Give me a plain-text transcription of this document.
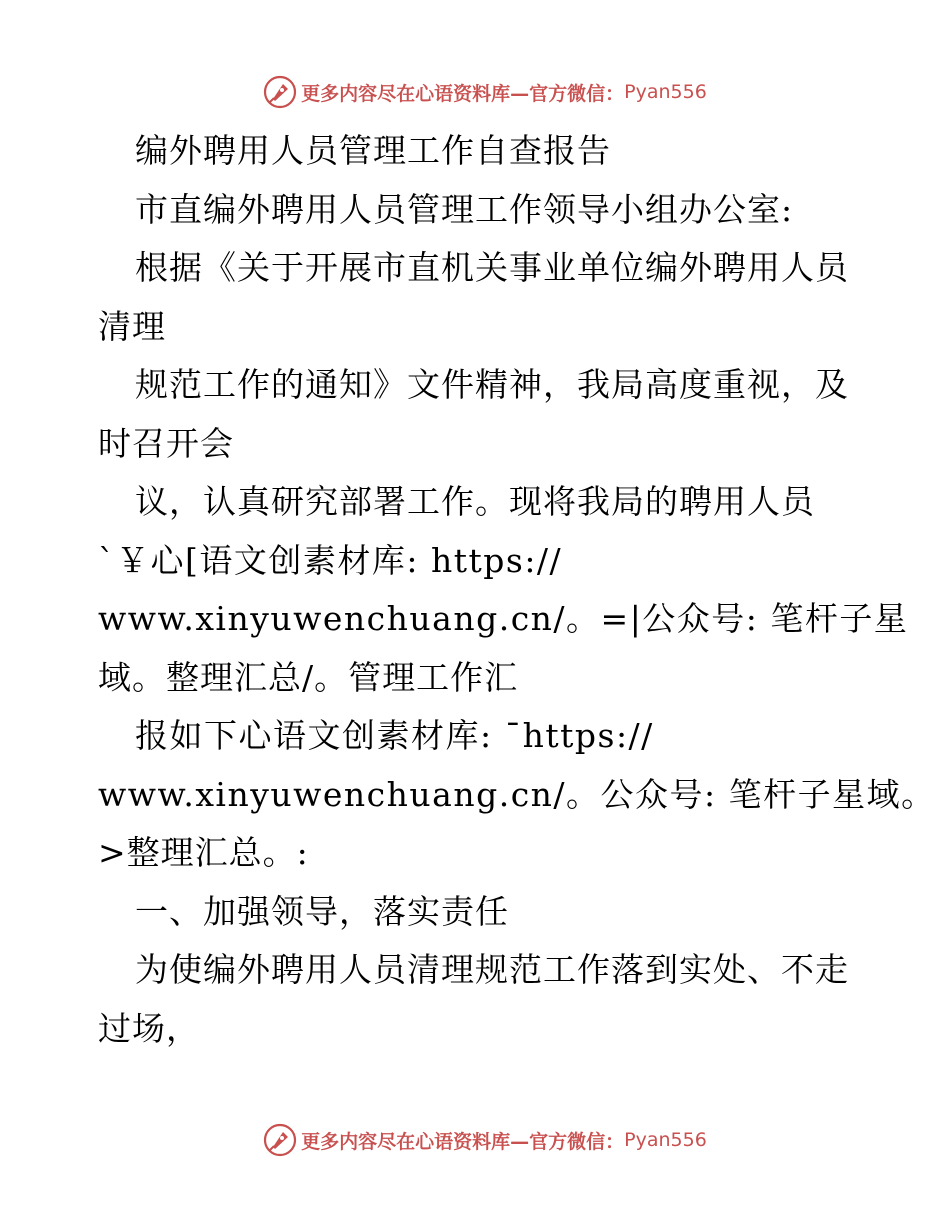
更多内容尽在心语资料库—官方微信： Pyan556
编外聘用人员管理工作自查报告
市直编外聘用人员管理工作领导小组办公室:
根据《关于开展市直机关事业单位编外聘用人员
清理
规范工作的通知》文件精神，我局高度重视，及
时召开会
议，认真研究部署工作。现将我局的聘用人员
`￥心[语文创素材库: https://
www.xinyuwenchuang.cn/。=|公众号: 笔杆子星
域。整理汇总/。管理工作汇
报如下心语文创素材库: ¯https://
www.xinyuwenchuang.cn/。公众号: 笔杆子星域。
>整理汇总。:
一、加强领导，落实责任
为使编外聘用人员清理规范工作落到实处、不走
过场，
更多内容尽在心语资料库—官方微信： Pyan556
